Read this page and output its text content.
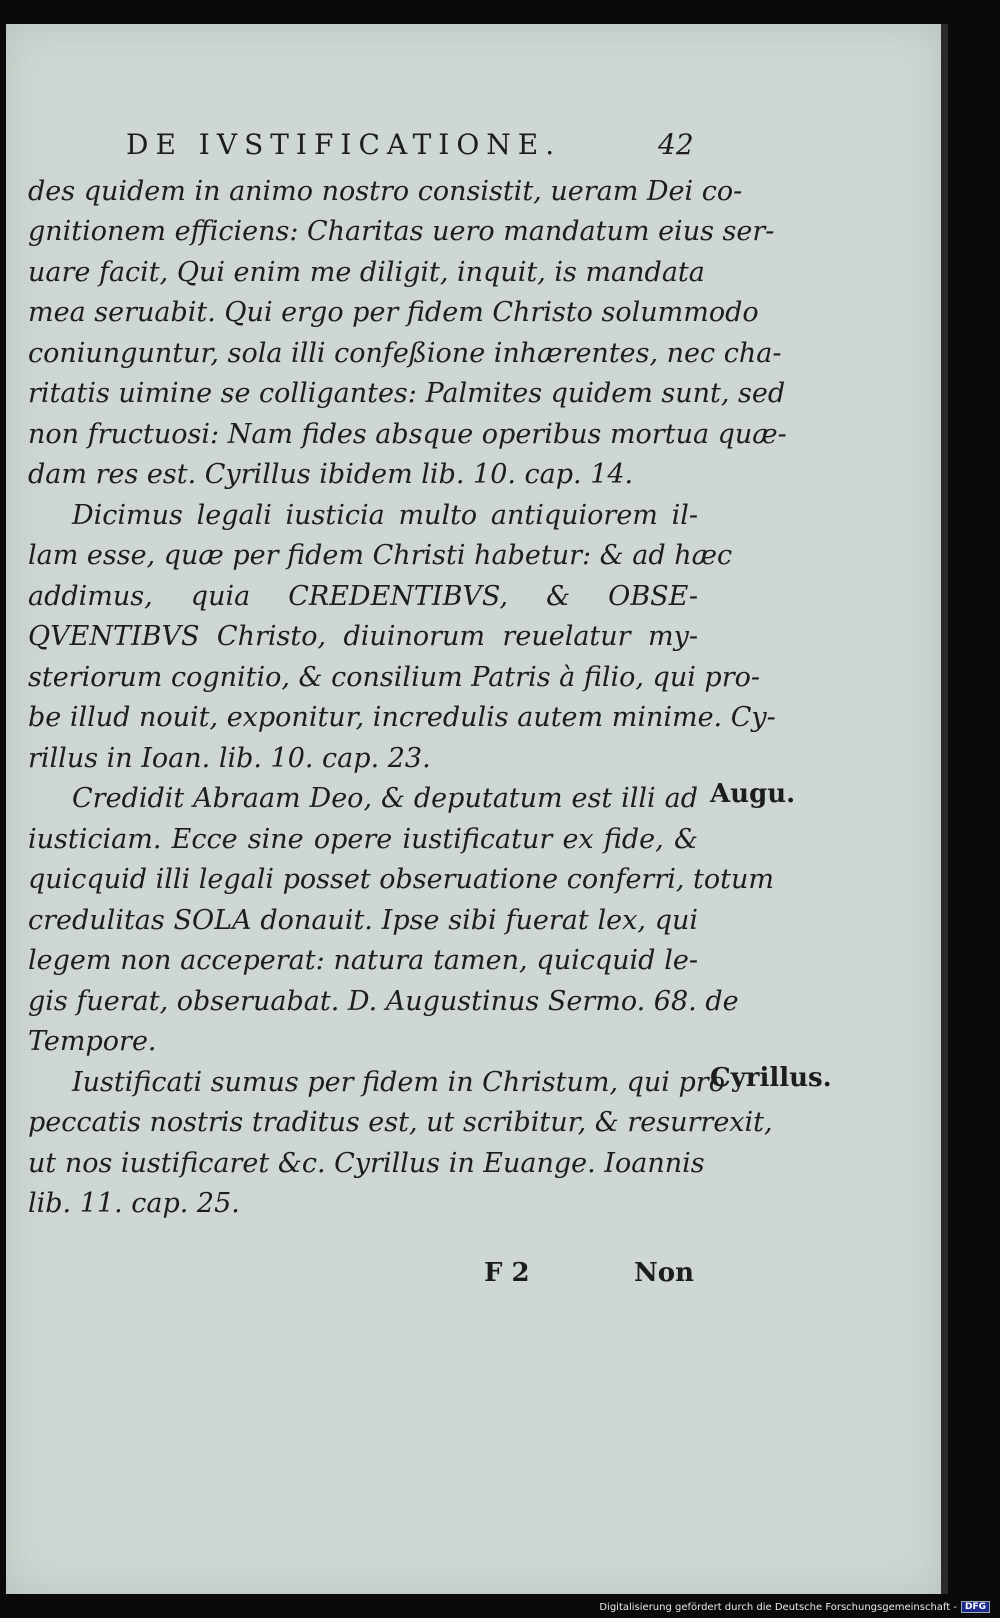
DE IVSTIFICATIONE.	42
des quidem in animo nostro consistit, ueram Dei co-
gnitionem efficiens: Charitas uero mandatum eius ser-
uare facit, Qui enim me diligit, inquit, is mandata
mea seruabit. Qui ergo per fidem Christo solummodo
coniunguntur, sola illi confeßione inhærentes, nec cha-
ritatis uimine se colligantes: Palmites quidem sunt, sed
non fructuosi: Nam fides absque operibus mortua quæ-
dam res est. Cyrillus ibidem lib. 10. cap. 14.
Dicimus legali iusticia multo antiquiorem il-
lam esse, quæ per fidem Christi habetur: & ad hæc
addimus, quia CREDENTIBVS, & OBSE-
QVENTIBVS Christo, diuinorum reuelatur my-
steriorum cognitio, & consilium Patris à filio, qui pro-
be illud nouit, exponitur, incredulis autem minime. Cy-
rillus in Ioan. lib. 10. cap. 23.
Credidit Abraam Deo, & deputatum est illi ad Augu.
iusticiam. Ecce sine opere iustificatur ex fide, &
quicquid illi legali posset obseruatione conferri, totum
credulitas SOLA donauit. Ipse sibi fuerat lex, qui
legem non acceperat: natura tamen, quicquid le-
gis fuerat, obseruabat. D. Augustinus Sermo. 68. de
Tempore.
Iustificati sumus per fidem in Christum, qui pro
Cyrillus.
peccatis nostris traditus est, ut scribitur, & resurrexit,
ut nos iustificaret &c. Cyrillus in Euange. Ioannis
lib. 11. cap. 25.
F 2	Non
Digitalisierung gefördert durch die Deutsche Forschungsgemeinschaft - DFG
